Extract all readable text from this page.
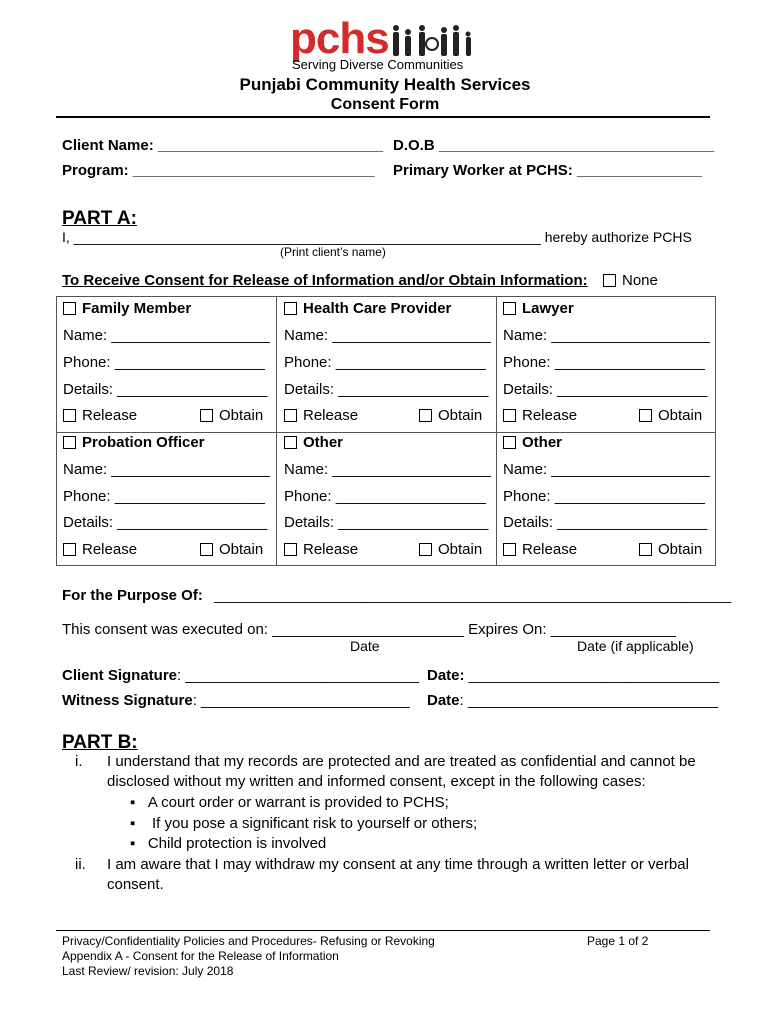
pchs
Serving Diverse Communities
Punjabi Community Health Services
Consent Form
Client Name: ___________________________ D.O.B _________________________________
Program: _____________________________ Primary Worker at PCHS: _______________
PART A:
I, ____________________________________________________________ hereby authorize PCHS
(Print client’s name)
To Receive Consent for Release of Information and/or Obtain Information:	None
Family Member	Health Care Provider	Lawyer
Name: ___________________ Name: ___________________ Name: ___________________
Phone: __________________ Phone: __________________ Phone: __________________
Details: __________________ Details: __________________ Details: __________________
Release	Obtain	Release	Obtain	Release	Obtain
Probation Officer	Other	Other
Name: ___________________ Name: ___________________ Name: ___________________
Phone: __________________ Phone: __________________ Phone: __________________
Details: __________________ Details: __________________ Details: __________________
Release	Obtain	Release	Obtain	Release	Obtain
For the Purpose Of: ______________________________________________________________
This consent was executed on: _______________________ Expires On: _______________
Date	Date (if applicable)
Client Signature: ____________________________ Date: ______________________________
Witness Signature: _________________________ Date: ______________________________
PART B:
i. I understand that my records are protected and are treated as confidential and cannot be
disclosed without my written and informed consent, except in the following cases:
▪   A court order or warrant is provided to PCHS;
▪    If you pose a significant risk to yourself or others;
▪   Child protection is involved
ii. I am aware that I may withdraw my consent at any time through a written letter or verbal
consent.
Privacy/Confidentiality Policies and Procedures- Refusing or Revoking
Appendix A - Consent for the Release of Information
Last Review/ revision: July 2018
Page 1 of 2
